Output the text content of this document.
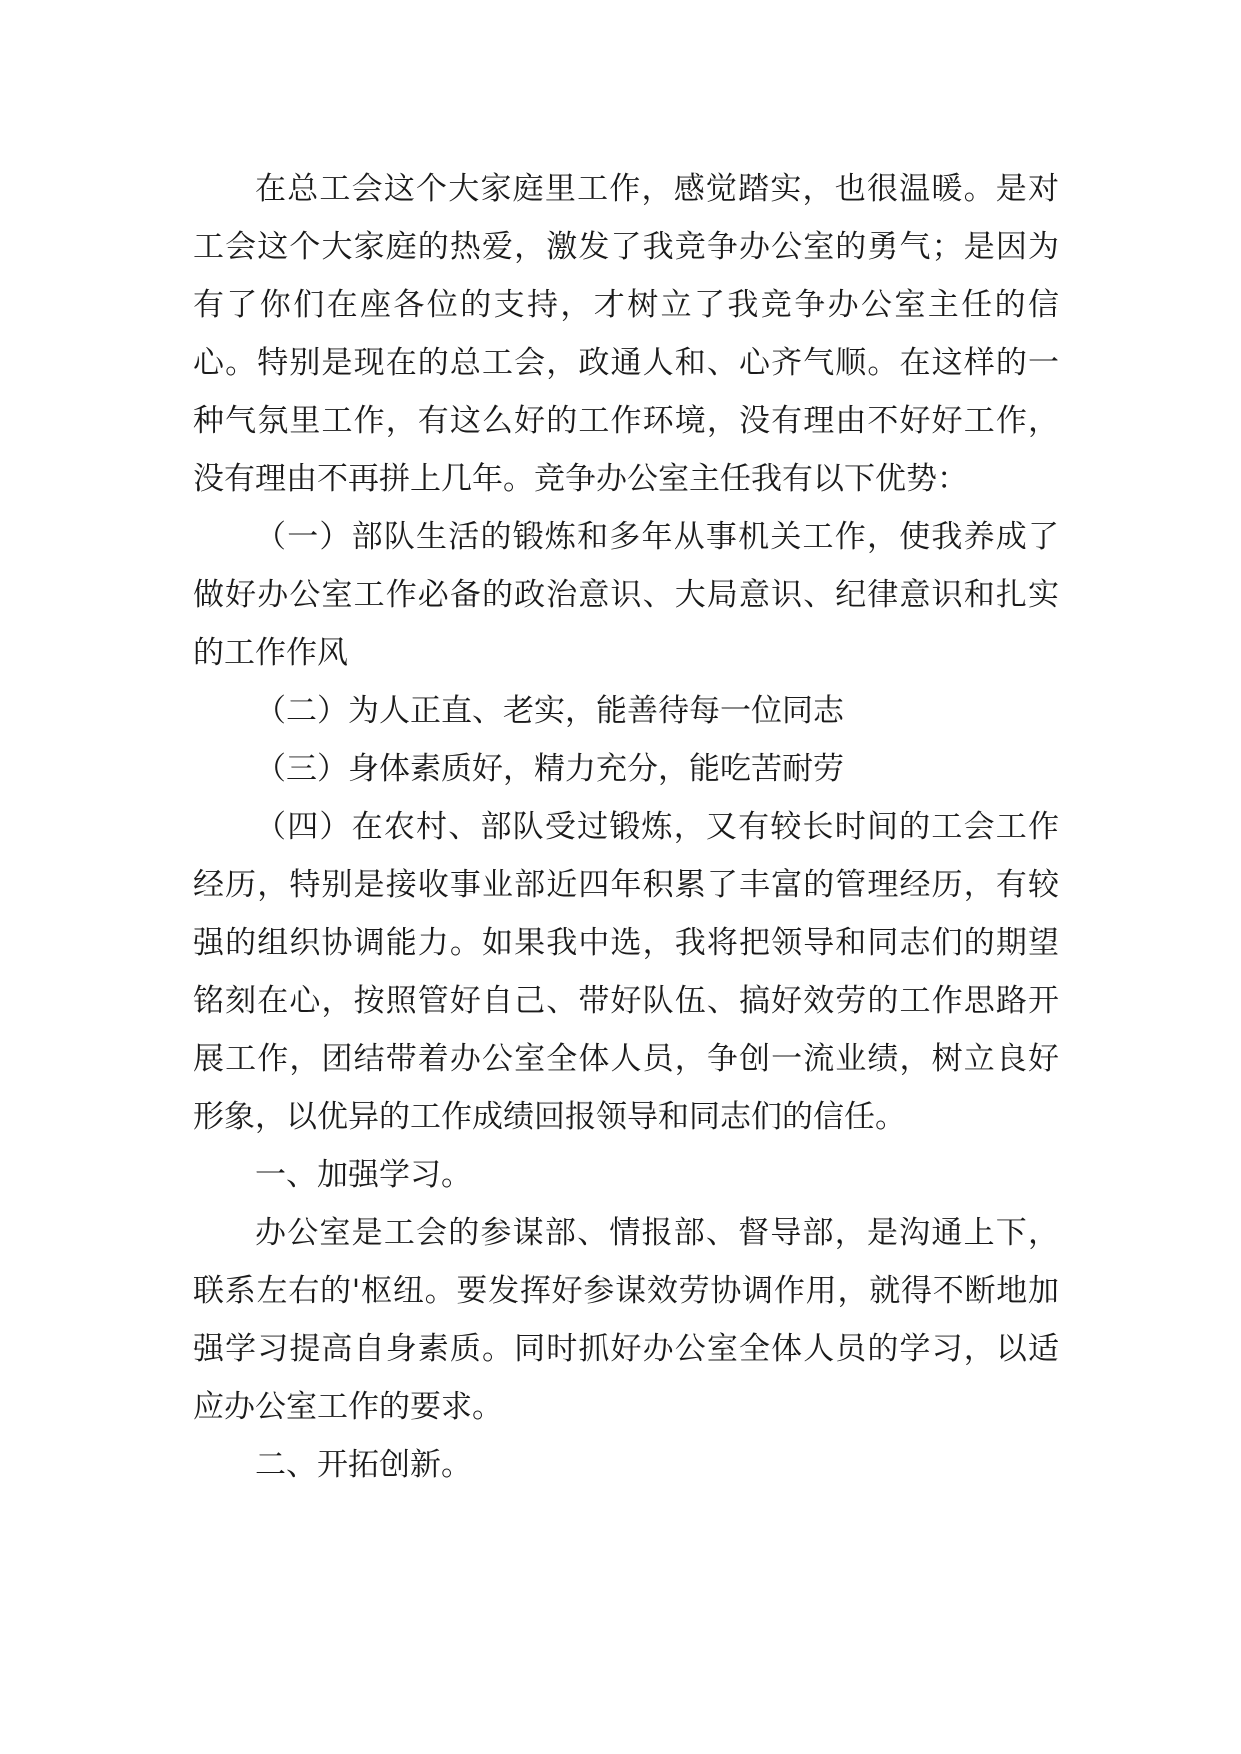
在总工会这个大家庭里工作，感觉踏实，也很温暖。是对工会这个大家庭的热爱，激发了我竞争办公室的勇气；是因为有了你们在座各位的支持，才树立了我竞争办公室主任的信心。特别是现在的总工会，政通人和、心齐气顺。在这样的一种气氛里工作，有这么好的工作环境，没有理由不好好工作，没有理由不再拼上几年。竞争办公室主任我有以下优势：

（一）部队生活的锻炼和多年从事机关工作，使我养成了做好办公室工作必备的政治意识、大局意识、纪律意识和扎实的工作作风

（二）为人正直、老实，能善待每一位同志

（三）身体素质好，精力充分，能吃苦耐劳

（四）在农村、部队受过锻炼，又有较长时间的工会工作经历，特别是接收事业部近四年积累了丰富的管理经历，有较强的组织协调能力。如果我中选，我将把领导和同志们的期望铭刻在心，按照管好自己、带好队伍、搞好效劳的工作思路开展工作，团结带着办公室全体人员，争创一流业绩，树立良好形象，以优异的工作成绩回报领导和同志们的信任。

一、加强学习。

办公室是工会的参谋部、情报部、督导部，是沟通上下，联系左右的'枢纽。要发挥好参谋效劳协调作用，就得不断地加强学习提高自身素质。同时抓好办公室全体人员的学习，以适应办公室工作的要求。

二、开拓创新。
